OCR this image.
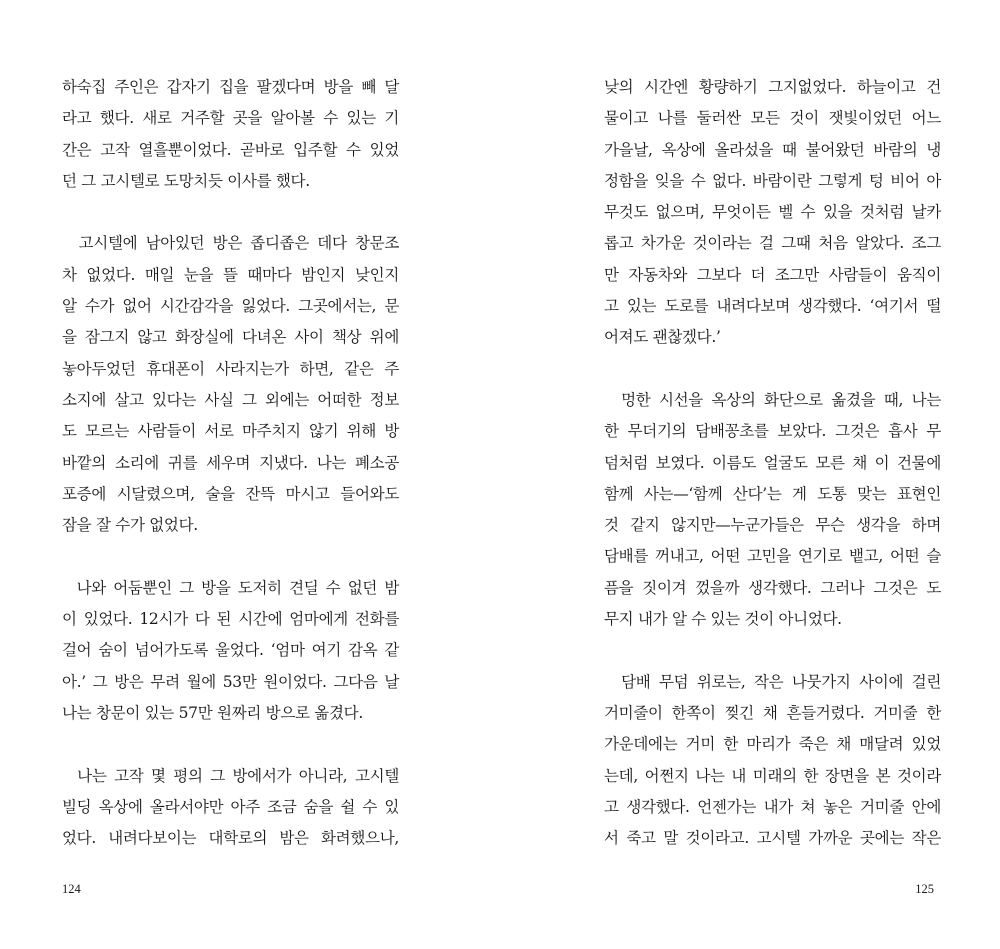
하숙집 주인은 갑자기 집을 팔겠다며 방을 빼 달
라고 했다. 새로 거주할 곳을 알아볼 수 있는 기
간은 고작 열흘뿐이었다. 곧바로 입주할 수 있었
던 그 고시텔로 도망치듯 이사를 했다.
고시텔에 남아있던 방은 좁디좁은 데다 창문조
차 없었다. 매일 눈을 뜰 때마다 밤인지 낮인지
알 수가 없어 시간감각을 잃었다. 그곳에서는, 문
을 잠그지 않고 화장실에 다녀온 사이 책상 위에
놓아두었던 휴대폰이 사라지는가 하면, 같은 주
소지에 살고 있다는 사실 그 외에는 어떠한 정보
도 모르는 사람들이 서로 마주치지 않기 위해 방
바깥의 소리에 귀를 세우며 지냈다. 나는 폐소공
포증에 시달렸으며, 술을 잔뜩 마시고 들어와도
잠을 잘 수가 없었다.
나와 어둠뿐인 그 방을 도저히 견딜 수 없던 밤
이 있었다. 12시가 다 된 시간에 엄마에게 전화를
걸어 숨이 넘어가도록 울었다. ‘엄마 여기 감옥 같
아.’ 그 방은 무려 월에 53만 원이었다. 그다음 날
나는 창문이 있는 57만 원짜리 방으로 옮겼다.
나는 고작 몇 평의 그 방에서가 아니라, 고시텔
빌딩 옥상에 올라서야만 아주 조금 숨을 쉴 수 있
었다. 내려다보이는 대학로의 밤은 화려했으나,
124
낮의 시간엔 황량하기 그지없었다. 하늘이고 건
물이고 나를 둘러싼 모든 것이 잿빛이었던 어느
가을날, 옥상에 올라섰을 때 불어왔던 바람의 냉
정함을 잊을 수 없다. 바람이란 그렇게 텅 비어 아
무것도 없으며, 무엇이든 벨 수 있을 것처럼 날카
롭고 차가운 것이라는 걸 그때 처음 알았다. 조그
만 자동차와 그보다 더 조그만 사람들이 움직이
고 있는 도로를 내려다보며 생각했다. ‘여기서 떨
어져도 괜찮겠다.’
멍한 시선을 옥상의 화단으로 옮겼을 때, 나는
한 무더기의 담배꽁초를 보았다. 그것은 흡사 무
덤처럼 보였다. 이름도 얼굴도 모른 채 이 건물에
함께 사는—‘함께 산다’는 게 도통 맞는 표현인
것 같지 않지만—누군가들은 무슨 생각을 하며
담배를 꺼내고, 어떤 고민을 연기로 뱉고, 어떤 슬
픔을 짓이겨 껐을까 생각했다. 그러나 그것은 도
무지 내가 알 수 있는 것이 아니었다.
담배 무덤 위로는, 작은 나뭇가지 사이에 걸린
거미줄이 한쪽이 찢긴 채 흔들거렸다. 거미줄 한
가운데에는 거미 한 마리가 죽은 채 매달려 있었
는데, 어쩐지 나는 내 미래의 한 장면을 본 것이라
고 생각했다. 언젠가는 내가 쳐 놓은 거미줄 안에
서 죽고 말 것이라고. 고시텔 가까운 곳에는 작은
125
